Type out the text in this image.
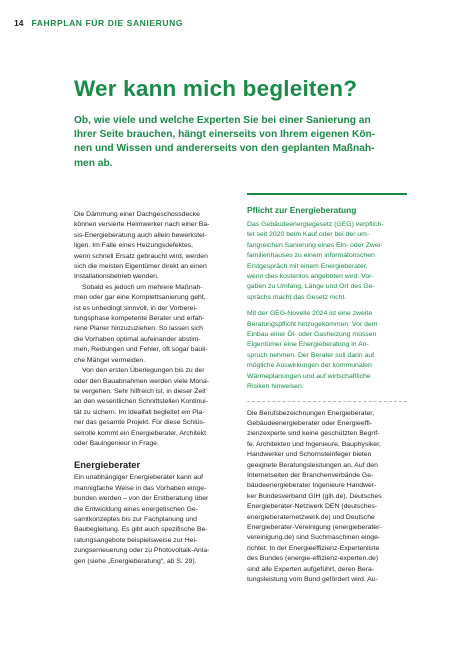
14 FAHRPLAN FÜR DIE SANIERUNG
Wer kann mich begleiten?
Ob, wie viele und welche Experten Sie bei einer Sanierung an
Ihrer Seite brauchen, hängt einerseits von Ihrem eigenen Kön-
nen und Wissen und andererseits von den geplanten Maßnah-
men ab.
Die Dämmung einer Dachgeschossdecke
können versierte Heimwerker nach einer Ba-
sis-Energieberatung auch allein bewerkstel-
ligen. Im Falle eines Heizungsdefektes,
wenn schnell Ersatz gebraucht wird, werden
sich die meisten Eigentümer direkt an einen
Installationsbetrieb wenden.
Sobald es jedoch um mehrere Maßnah-
men oder gar eine Komplettsanierung geht,
ist es unbedingt sinnvoll, in der Vorberei-
tungsphase kompetente Berater und erfah-
rene Planer hinzuzuziehen. So lassen sich
die Vorhaben optimal aufeinander abstim-
men, Reibungen und Fehler, oft sogar bauli-
che Mängel vermeiden.
Von den ersten Überlegungen bis zu der
oder den Bauabnahmen werden viele Mona-
te vergehen. Sehr hilfreich ist, in dieser Zeit
an den wesentlichen Schnittstellen Kontinui-
tät zu sichern. Im Idealfall begleitet ein Pla-
ner das gesamte Projekt. Für diese Schlüs-
selrolle kommt ein Energieberater, Architekt
oder Bauingenieur in Frage.
Energieberater
Ein unabhängiger Energieberater kann auf
mannigfache Weise in das Vorhaben einge-
bunden werden – von der Erstberatung über
die Entwicklung eines energetischen Ge-
samtkonzeptes bis zur Fachplanung und
Baubegleitung. Es gibt auch spezifische Be-
ratungsangebote beispielsweise zur Hei-
zungserneuerung oder zu Photovoltaik-Anla-
gen (siehe „Energieberatung“, ab S. 29).
Pflicht zur Energieberatung
Das Gebäudeenergiegesetz (GEG) verpflich-
tet seit 2020 beim Kauf oder bei der um-
fangreichen Sanierung eines Ein- oder Zwei-
familienhauses zu einem informatorischen
Erstgespräch mit einem Energieberater,
wenn dies kostenlos angeboten wird. Vor-
gaben zu Umfang, Länge und Ort des Ge-
sprächs macht das Gesetz nicht.
Mit der GEG-Novelle 2024 ist eine zweite
Beratungspflicht hinzugekommen: Vor dem
Einbau einer Öl- oder Gasheizung müssen
Eigentümer eine Energieberatung in An-
spruch nehmen. Der Berater soll darin auf
mögliche Auswirkungen der kommunalen
Wärmeplanungen und auf wirtschaftliche
Risiken hinweisen.
Die Berufsbezeichnungen Energieberater,
Gebäudeenergieberater oder Energieeffi-
zienzexperte sind keine geschützten Begrif-
fe. Architekten und Ingenieure, Bauphysiker,
Handwerker und Schornsteinfeger bieten
geeignete Beratungsleistungen an. Auf den
Internetseiten der Branchenverbände Ge-
bäudeenergieberater Ingenieure Handwer-
ker Bundesverband GIH (gih.de), Deutsches
Energieberater-Netzwerk DEN (deutsches-
energieberaternetzwerk.de) und Deutsche
Energieberater-Vereinigung (energieberater-
vereinigung.de) sind Suchmaschinen einge-
richtet. In der Energieeffizienz-Expertenliste
des Bundes (energie-effizienz-experten.de)
sind alle Experten aufgeführt, deren Bera-
tungsleistung vom Bund gefördert wird. Au-
